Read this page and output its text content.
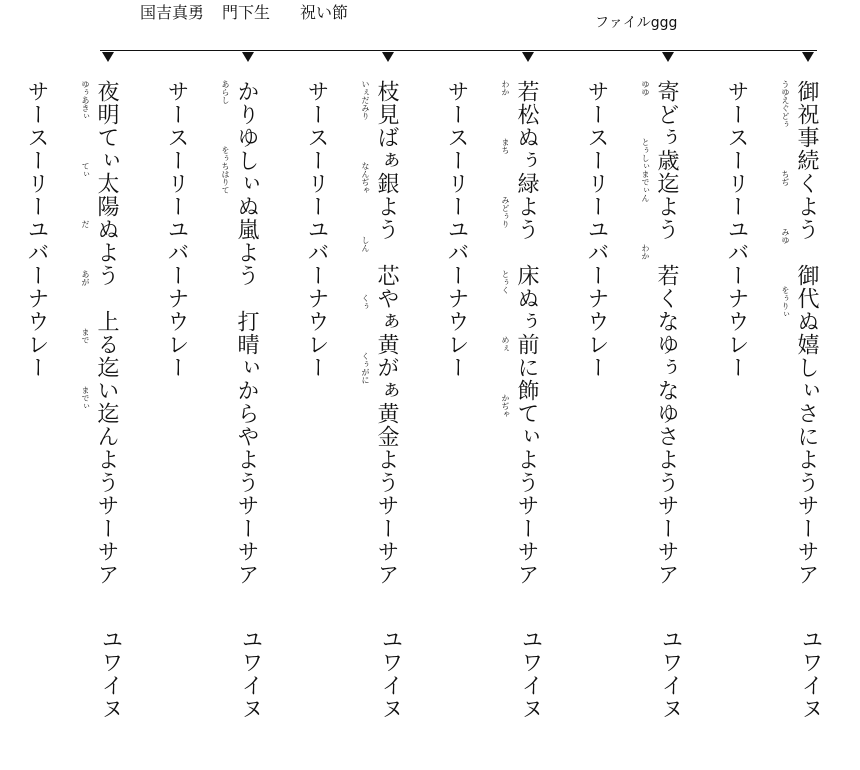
ファイルggg
国吉真勇 門下生 祝い節
御祝事続くよう　御代ぬ嬉しぃさにようサーサア
うゆえぐどぅちぢみゆをぅりぃ
ユワイヌ
サースーリーユバーナウレー
寄どぅ歳迄よう　若くなゆぅなゆさようサーサア
ゆゆとぅしぃまでぃんわか
ユワイヌ
サースーリーユバーナウレー
若松ぬぅ緑よう　床ぬぅ前に飾てぃようサーサア
わかまちみどぅりとぅくめぇかぢゃ
ユワイヌ
サースーリーユバーナウレー
枝見ばぁ銀よう　芯やぁ黄がぁ黄金ようサーサア
いぇだみりなんぢゃしんくぅくぅがに
ユワイヌ
サースーリーユバーナウレー
かりゆしぃぬ嵐よう　打晴ぃからやようサーサア
あらしをぅちはりて
ユワイヌ
サースーリーユバーナウレー
夜明てぃ太陽ぬよう　上る迄い迄んようサーサア
ゆぅあきぃてぃだあがまでまでぃ
ユワイヌ
サースーリーユバーナウレー
